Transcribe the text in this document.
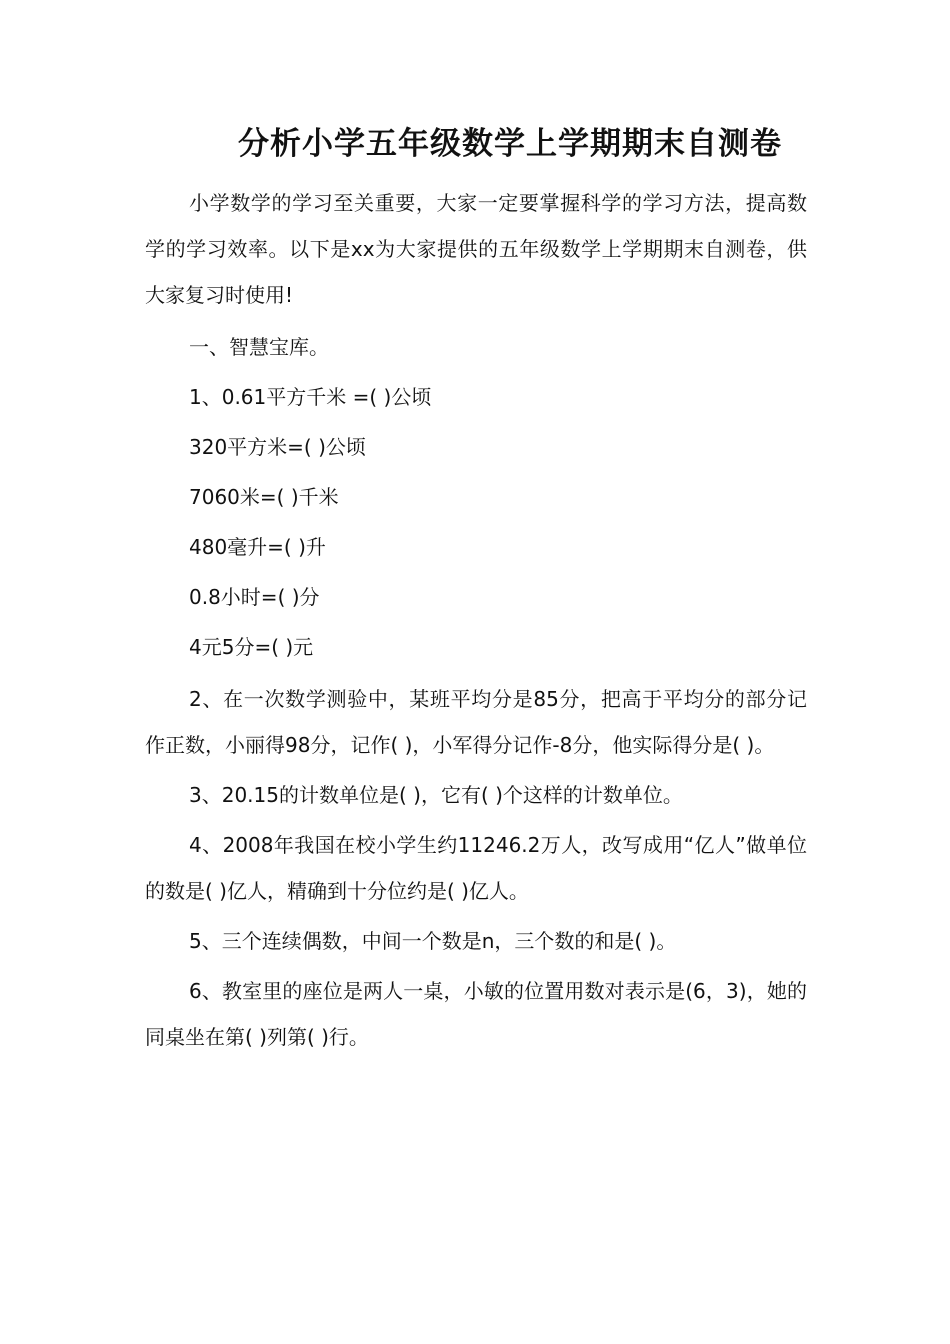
分析小学五年级数学上学期期末自测卷

小学数学的学习至关重要，大家一定要掌握科学的学习方法，提高数学的学习效率。以下是xx为大家提供的五年级数学上学期期末自测卷，供大家复习时使用!

一、智慧宝库。

1、0.61平方千米 =( )公顷

320平方米=( )公顷

7060米=( )千米

480毫升=( )升

0.8小时=( )分

4元5分=( )元

2、在一次数学测验中，某班平均分是85分，把高于平均分的部分记作正数，小丽得98分，记作( )，小军得分记作-8分，他实际得分是( )。

3、20.15的计数单位是( )，它有( )个这样的计数单位。

4、2008年我国在校小学生约11246.2万人，改写成用“亿人”做单位的数是( )亿人，精确到十分位约是( )亿人。

5、三个连续偶数，中间一个数是n，三个数的和是( )。

6、教室里的座位是两人一桌，小敏的位置用数对表示是(6，3)，她的同桌坐在第( )列第( )行。
